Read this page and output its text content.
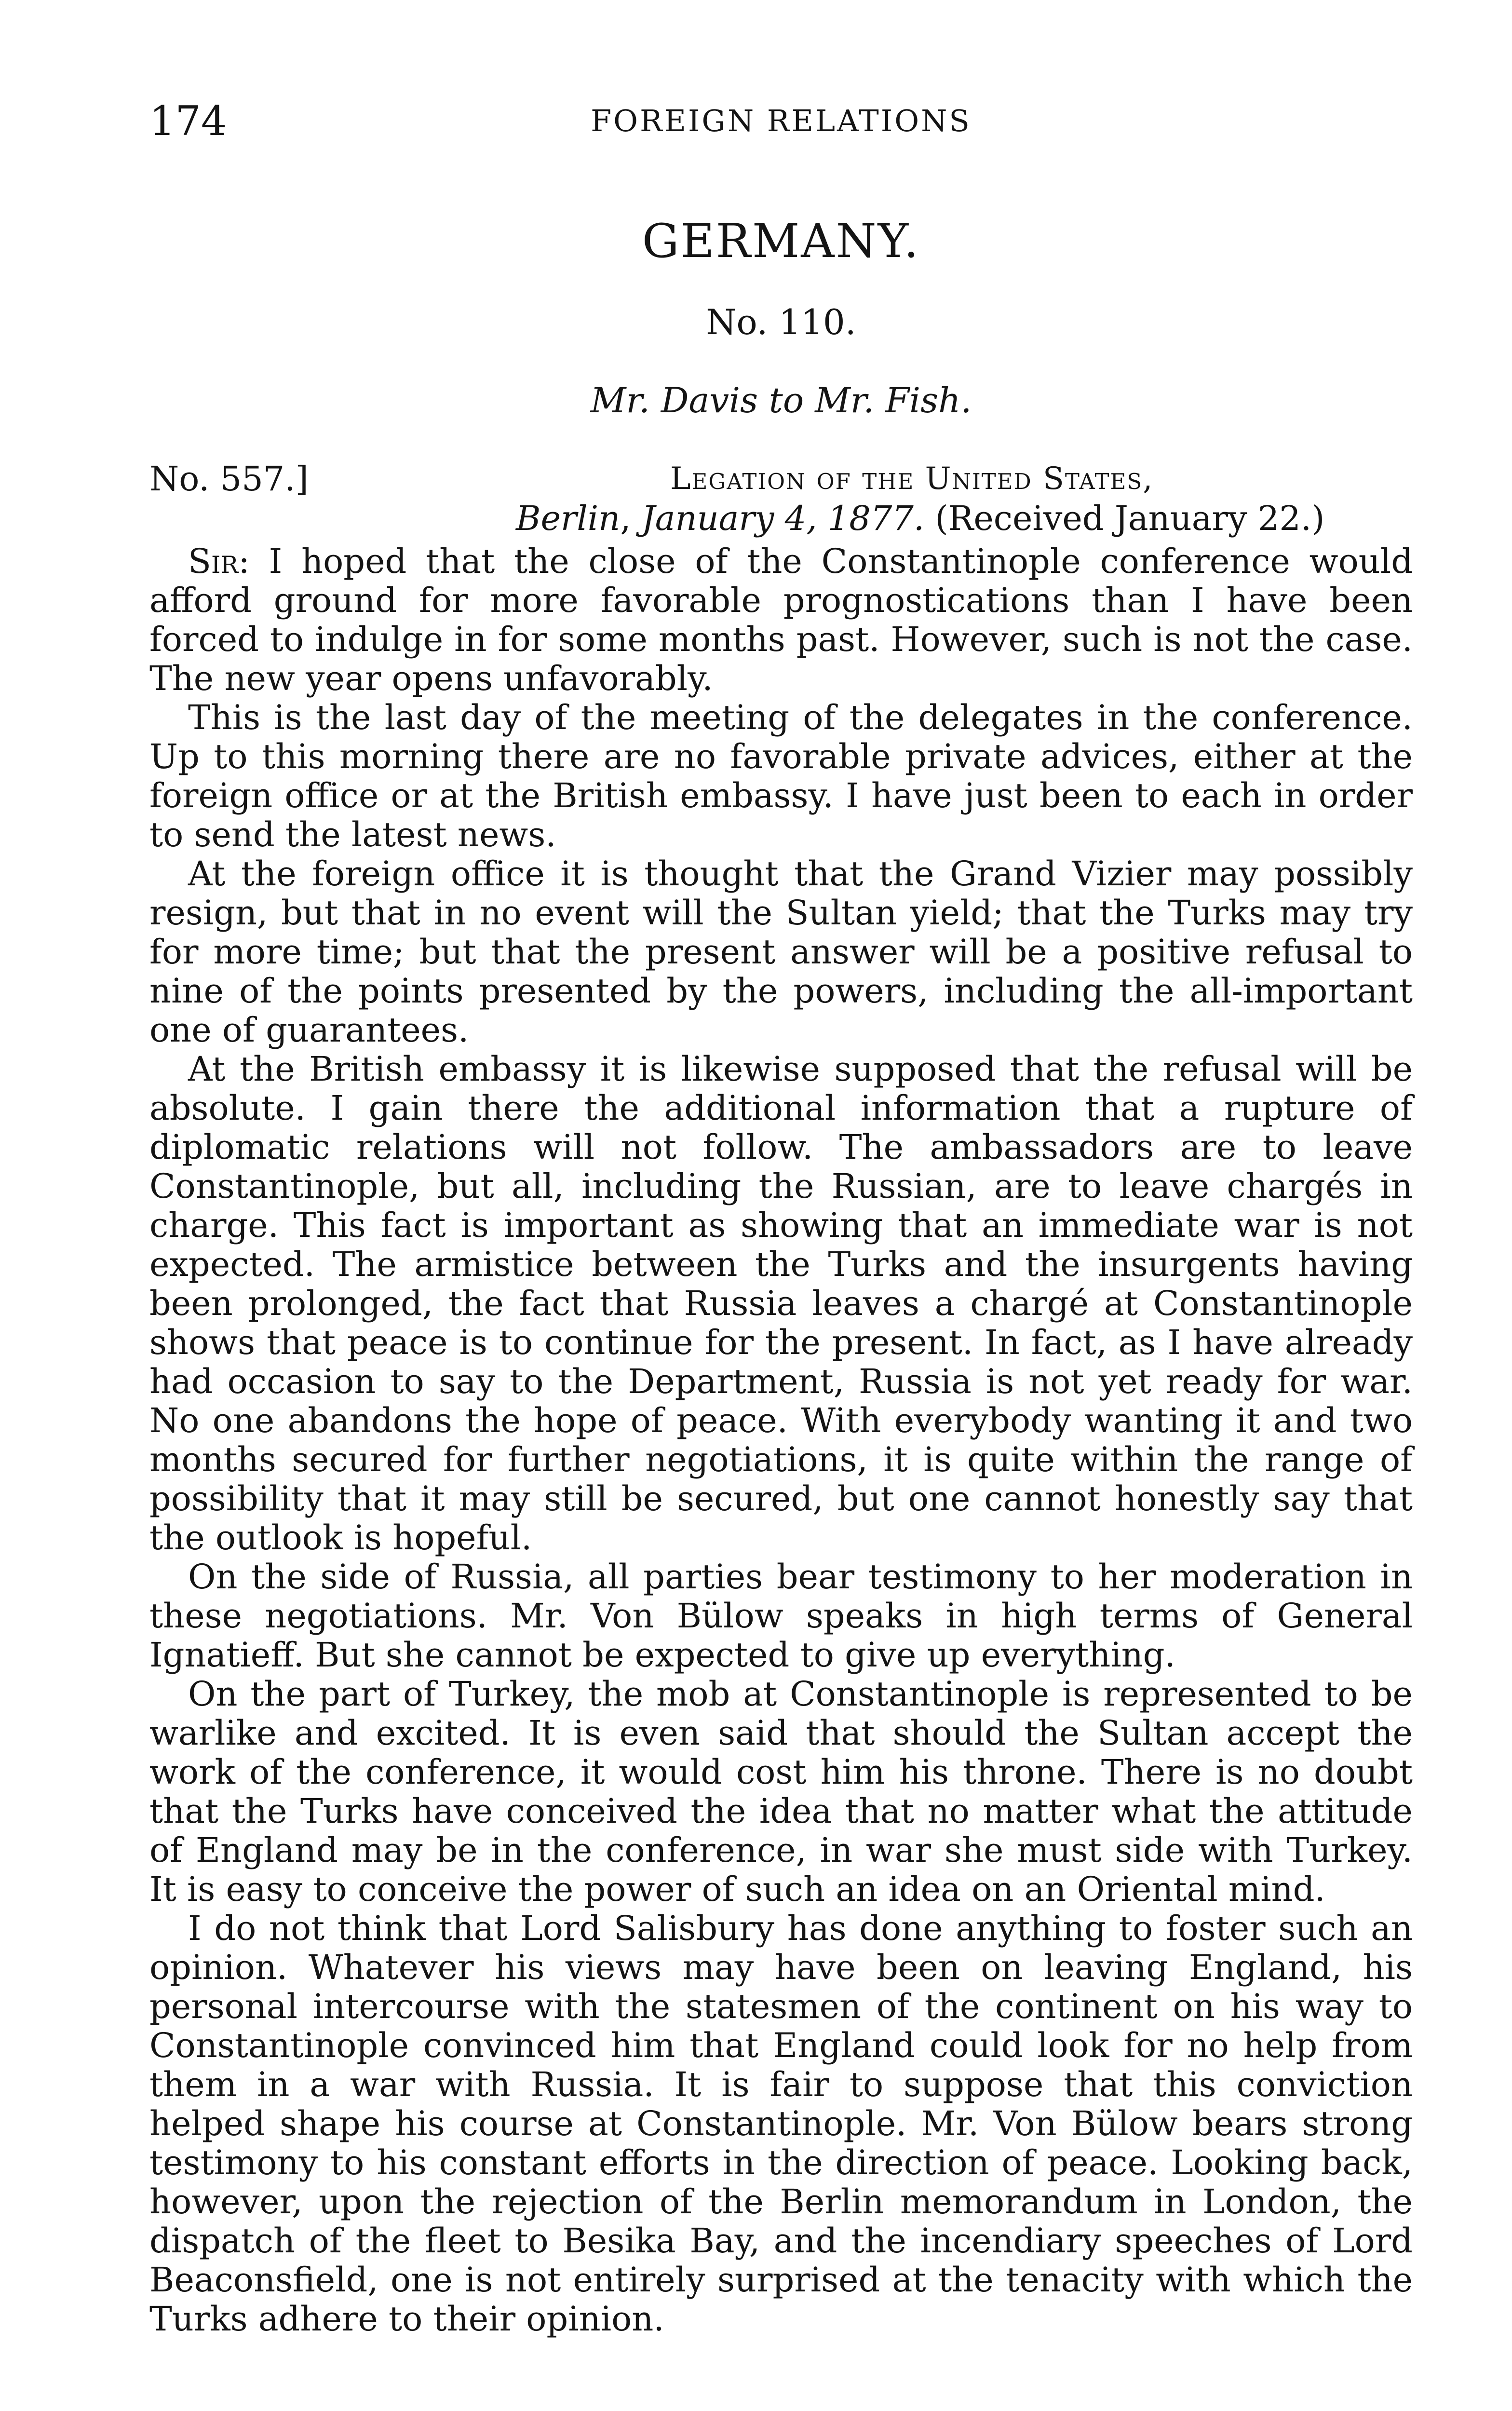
174	FOREIGN RELATIONS
GERMANY.
No. 110.
Mr. Davis to Mr. Fish.
No. 557.]	Legation of the United States,
Berlin, January 4, 1877. (Received January 22.)

Sir: I hoped that the close of the Constantinople conference would afford ground for more favorable prognostications than I have been forced to indulge in for some months past. However, such is not the case. The new year opens unfavorably.

This is the last day of the meeting of the delegates in the conference. Up to this morning there are no favorable private advices, either at the foreign office or at the British embassy. I have just been to each in order to send the latest news.

At the foreign office it is thought that the Grand Vizier may possibly resign, but that in no event will the Sultan yield; that the Turks may try for more time; but that the present answer will be a positive refusal to nine of the points presented by the powers, including the all-important one of guarantees.

At the British embassy it is likewise supposed that the refusal will be absolute. I gain there the additional information that a rupture of diplomatic relations will not follow. The ambassadors are to leave Constantinople, but all, including the Russian, are to leave chargés in charge. This fact is important as showing that an immediate war is not expected. The armistice between the Turks and the insurgents having been prolonged, the fact that Russia leaves a chargé at Constantinople shows that peace is to continue for the present. In fact, as I have already had occasion to say to the Department, Russia is not yet ready for war. No one abandons the hope of peace. With everybody wanting it and two months secured for further negotiations, it is quite within the range of possibility that it may still be secured, but one cannot honestly say that the outlook is hopeful.

On the side of Russia, all parties bear testimony to her moderation in these negotiations. Mr. Von Bülow speaks in high terms of General Ignatieff. But she cannot be expected to give up everything.

On the part of Turkey, the mob at Constantinople is represented to be warlike and excited. It is even said that should the Sultan accept the work of the conference, it would cost him his throne. There is no doubt that the Turks have conceived the idea that no matter what the attitude of England may be in the conference, in war she must side with Turkey. It is easy to conceive the power of such an idea on an Oriental mind.

I do not think that Lord Salisbury has done anything to foster such an opinion. Whatever his views may have been on leaving England, his personal intercourse with the statesmen of the continent on his way to Constantinople convinced him that England could look for no help from them in a war with Russia. It is fair to suppose that this conviction helped shape his course at Constantinople. Mr. Von Bülow bears strong testimony to his constant efforts in the direction of peace. Looking back, however, upon the rejection of the Berlin memorandum in London, the dispatch of the fleet to Besika Bay, and the incendiary speeches of Lord Beaconsfield, one is not entirely surprised at the tenacity with which the Turks adhere to their opinion.
